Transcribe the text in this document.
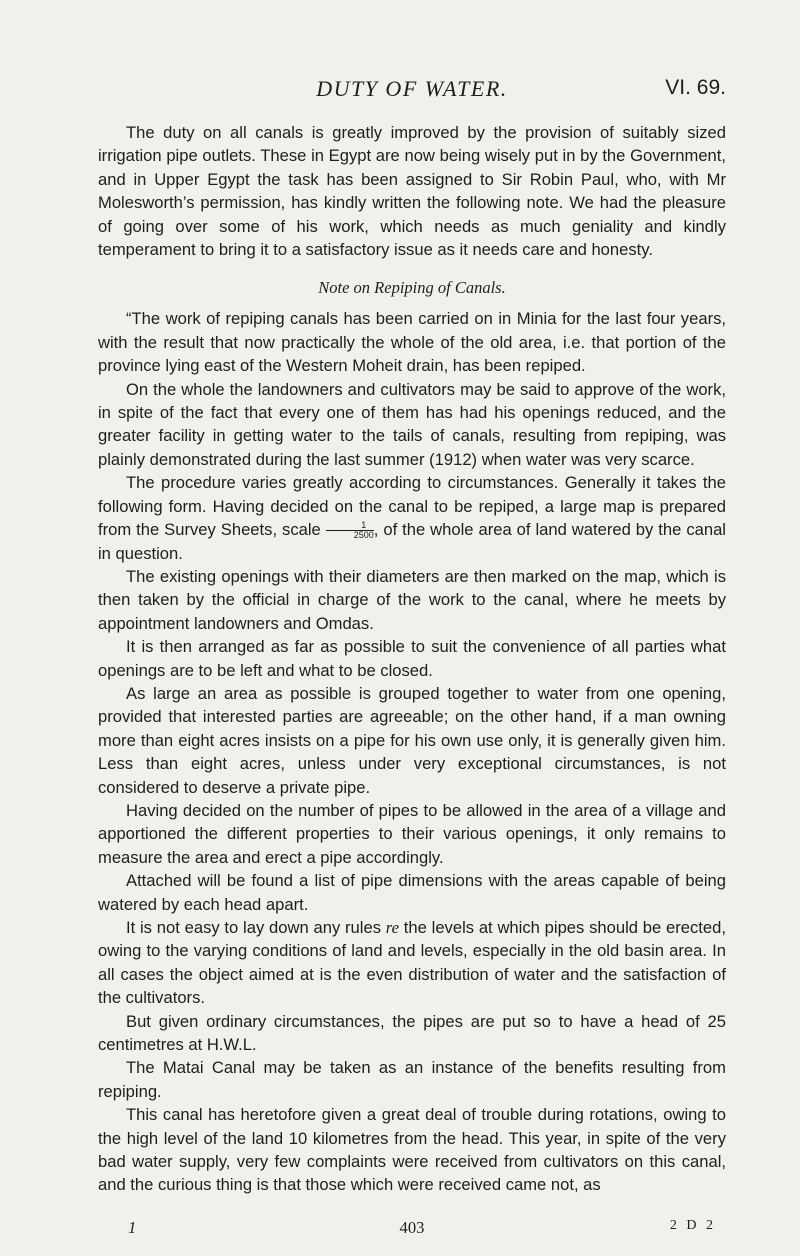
DUTY OF WATER.	VI. 69.

The duty on all canals is greatly improved by the provision of suitably sized irrigation pipe outlets. These in Egypt are now being wisely put in by the Government, and in Upper Egypt the task has been assigned to Sir Robin Paul, who, with Mr Molesworth’s permission, has kindly written the following note. We had the pleasure of going over some of his work, which needs as much geniality and kindly temperament to bring it to a satisfactory issue as it needs care and honesty.

Note on Repiping of Canals.

“The work of repiping canals has been carried on in Minia for the last four years, with the result that now practically the whole of the old area, i.e. that portion of the province lying east of the Western Moheit drain, has been repiped.

On the whole the landowners and cultivators may be said to approve of the work, in spite of the fact that every one of them has had his openings reduced, and the greater facility in getting water to the tails of canals, resulting from repiping, was plainly demonstrated during the last summer (1912) when water was very scarce.

The procedure varies greatly according to circumstances. Generally it takes the following form. Having decided on the canal to be repiped, a large map is prepared from the Survey Sheets, scale $\frac{1}{2500}$ , of the whole area of land watered by the canal in question.

The existing openings with their diameters are then marked on the map, which is then taken by the official in charge of the work to the canal, where he meets by appointment landowners and Omdas.

It is then arranged as far as possible to suit the convenience of all parties what openings are to be left and what to be closed.

As large an area as possible is grouped together to water from one opening, provided that interested parties are agreeable; on the other hand, if a man owning more than eight acres insists on a pipe for his own use only, it is generally given him. Less than eight acres, unless under very exceptional circumstances, is not considered to deserve a private pipe.

Having decided on the number of pipes to be allowed in the area of a village and apportioned the different properties to their various openings, it only remains to measure the area and erect a pipe accordingly.

Attached will be found a list of pipe dimensions with the areas capable of being watered by each head apart.

It is not easy to lay down any rules re the levels at which pipes should be erected, owing to the varying conditions of land and levels, especially in the old basin area. In all cases the object aimed at is the even distribution of water and the satisfaction of the cultivators.

But given ordinary circumstances, the pipes are put so to have a head of 25 centimetres at H.W.L.

The Matai Canal may be taken as an instance of the benefits resulting from repiping.

This canal has heretofore given a great deal of trouble during rotations, owing to the high level of the land 10 kilometres from the head. This year, in spite of the very bad water supply, very few complaints were received from cultivators on this canal, and the curious thing is that those which were received came not, as

1	403	2 D 2
